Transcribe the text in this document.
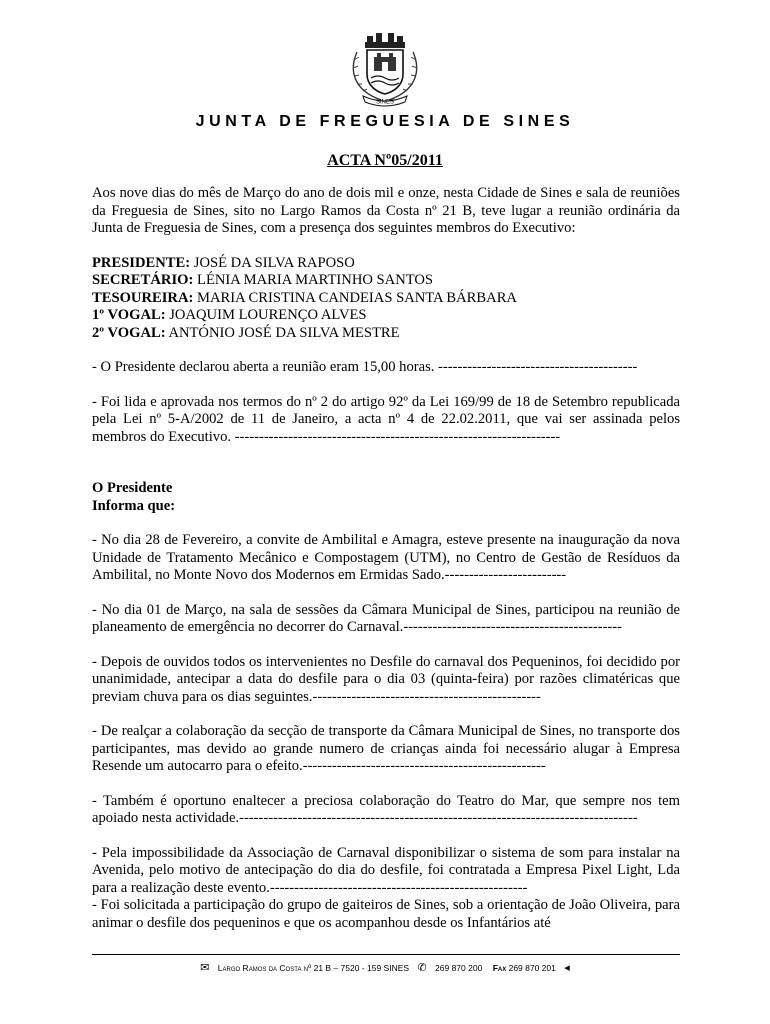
SINES
JUNTA DE FREGUESIA DE SINES
ACTA Nº05/2011

Aos nove dias do mês de Março do ano de dois mil e onze, nesta Cidade de Sines e sala de reuniões da Freguesia de Sines, sito no Largo Ramos da Costa nº 21 B, teve lugar a reunião ordinária da Junta de Freguesia de Sines, com a presença dos seguintes membros do Executivo:

PRESIDENTE: JOSÉ DA SILVA RAPOSO
SECRETÁRIO: LÉNIA MARIA MARTINHO SANTOS
TESOUREIRA: MARIA CRISTINA CANDEIAS SANTA BÁRBARA
1º VOGAL: JOAQUIM LOURENÇO ALVES
2º VOGAL: ANTÓNIO JOSÉ DA SILVA MESTRE

- O Presidente declarou aberta a reunião eram 15,00 horas. -----------------------------------------

- Foi lida e aprovada nos termos do nº 2 do artigo 92º da Lei 169/99 de 18 de Setembro republicada pela Lei nº 5-A/2002 de 11 de Janeiro, a acta nº 4 de 22.02.2011, que vai ser assinada pelos membros do Executivo. -------------------------------------------------------------------

O Presidente
Informa que:

- No dia 28 de Fevereiro, a convite de Ambilital e Amagra, esteve presente na inauguração da nova Unidade de Tratamento Mecânico e Compostagem (UTM), no Centro de Gestão de Resíduos da Ambilital, no Monte Novo dos Modernos em Ermidas Sado.-------------------------

- No dia 01 de Março, na sala de sessões da Câmara Municipal de Sines, participou na reunião de planeamento de emergência no decorrer do Carnaval.---------------------------------------------

- Depois de ouvidos todos os intervenientes no Desfile do carnaval dos Pequeninos, foi decidido por unanimidade, antecipar a data do desfile para o dia 03 (quinta-feira) por razões climatéricas que previam chuva para os dias seguintes.-----------------------------------------------

- De realçar a colaboração da secção de transporte da Câmara Municipal de Sines, no transporte dos participantes, mas devido ao grande numero de crianças ainda foi necessário alugar à Empresa Resende um autocarro para o efeito.--------------------------------------------------

- Também é oportuno enaltecer a preciosa colaboração do Teatro do Mar, que sempre nos tem apoiado nesta actividade.----------------------------------------------------------------------------------

- Pela impossibilidade da Associação de Carnaval disponibilizar o sistema de som para instalar na Avenida, pelo motivo de antecipação do dia do desfile, foi contratada a Empresa Pixel Light, Lda para a realização deste evento.-----------------------------------------------------

- Foi solicitada a participação do grupo de gaiteiros de Sines, sob a orientação de João Oliveira, para animar o desfile dos pequeninos e que os acompanhou desde os Infantários até

✉ Largo Ramos da Costa nº 21 B – 7520 - 159 SINES ✆ 269 870 200 Fax 269 870 201 ◂
